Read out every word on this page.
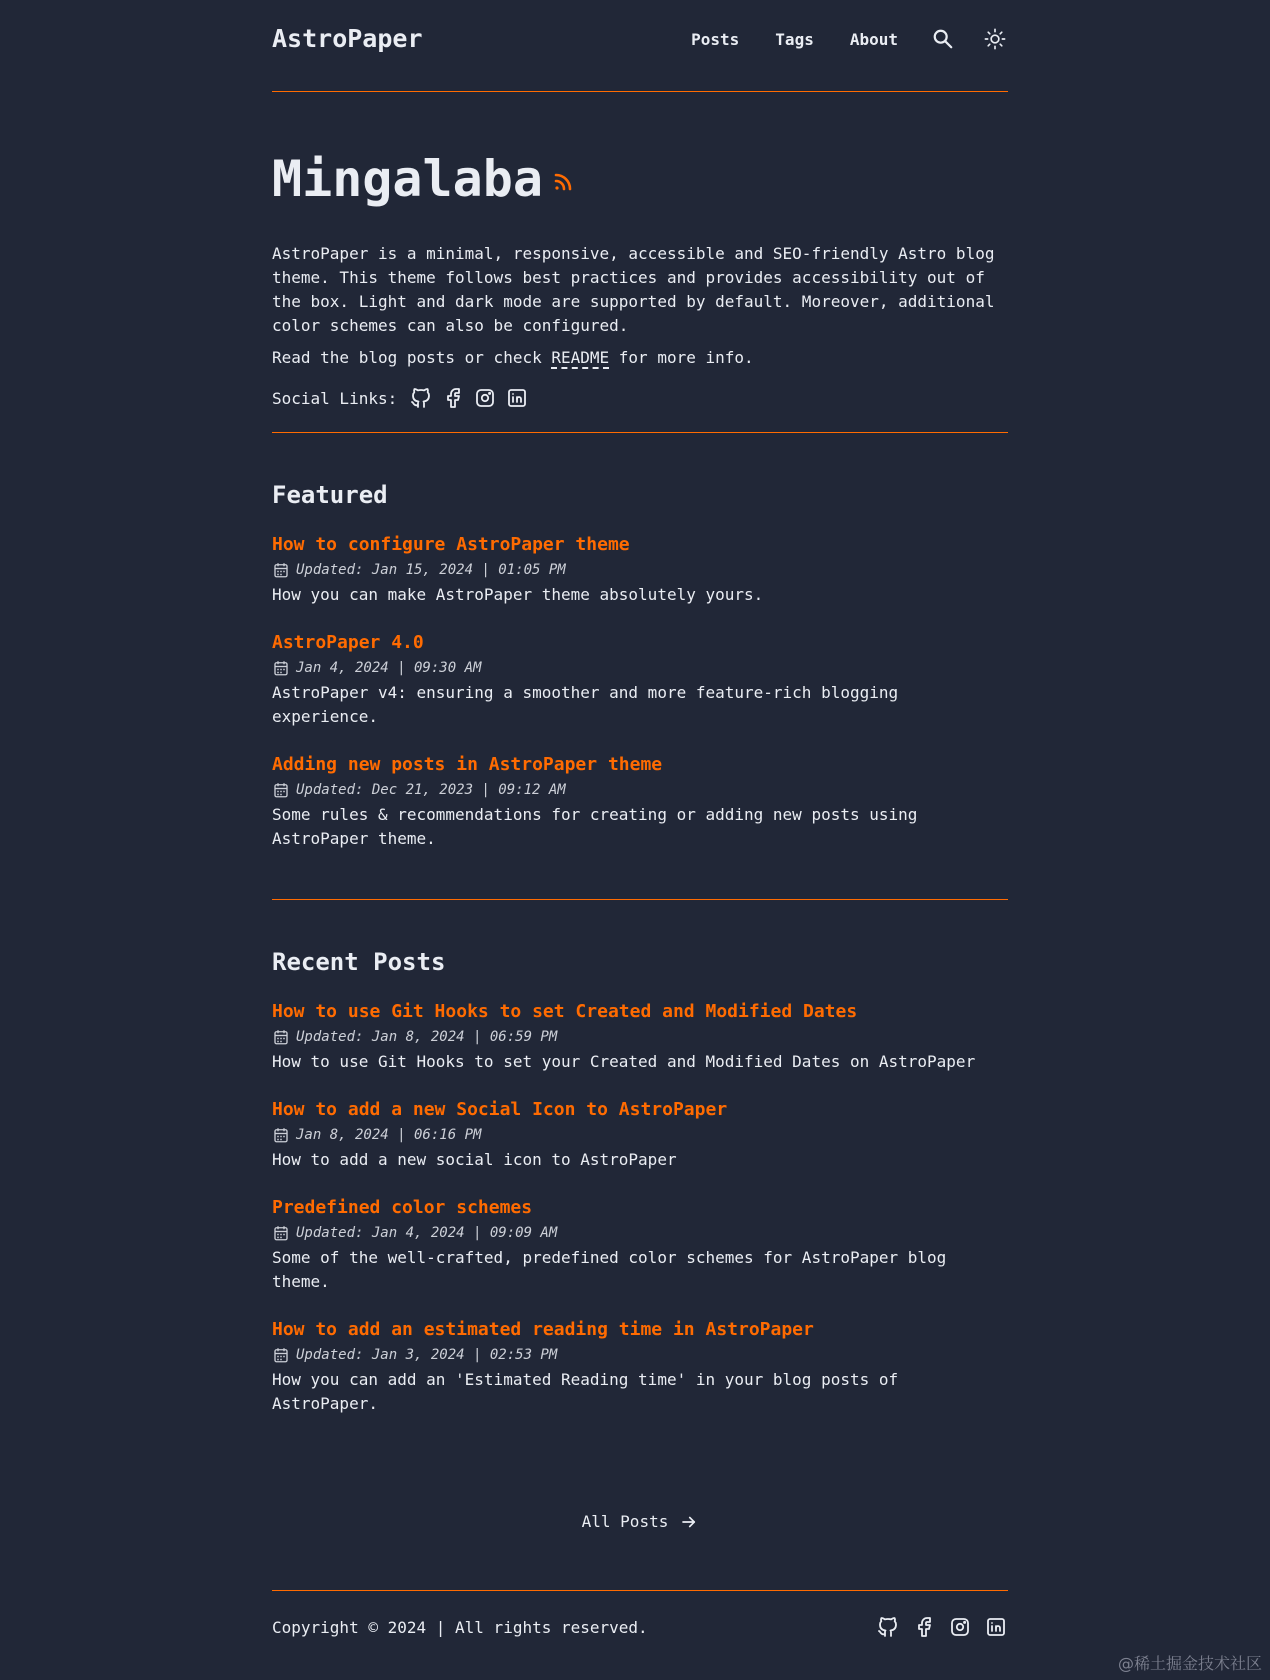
AstroPaper	Posts Tags About
Mingalaba

AstroPaper is a minimal, responsive, accessible and SEO-friendly Astro blog theme. This theme follows best practices and provides accessibility out of the box. Light and dark mode are supported by default. Moreover, additional color schemes can also be configured.

Read the blog posts or check README for more info.

Social Links:
Featured
How to configure AstroPaper theme
Updated: Jan 15, 2024 | 01:05 PM
How you can make AstroPaper theme absolutely yours.
AstroPaper 4.0
Jan 4, 2024 | 09:30 AM
AstroPaper v4: ensuring a smoother and more feature-rich blogging experience.
Adding new posts in AstroPaper theme
Updated: Dec 21, 2023 | 09:12 AM
Some rules & recommendations for creating or adding new posts using AstroPaper theme.
Recent Posts
How to use Git Hooks to set Created and Modified Dates
Updated: Jan 8, 2024 | 06:59 PM
How to use Git Hooks to set your Created and Modified Dates on AstroPaper
How to add a new Social Icon to AstroPaper
Jan 8, 2024 | 06:16 PM
How to add a new social icon to AstroPaper
Predefined color schemes
Updated: Jan 4, 2024 | 09:09 AM
Some of the well-crafted, predefined color schemes for AstroPaper blog theme.
How to add an estimated reading time in AstroPaper
Updated: Jan 3, 2024 | 02:53 PM
How you can add an 'Estimated Reading time' in your blog posts of AstroPaper.
All Posts
Copyright © 2024 | All rights reserved.
@稀土掘金技术社区
